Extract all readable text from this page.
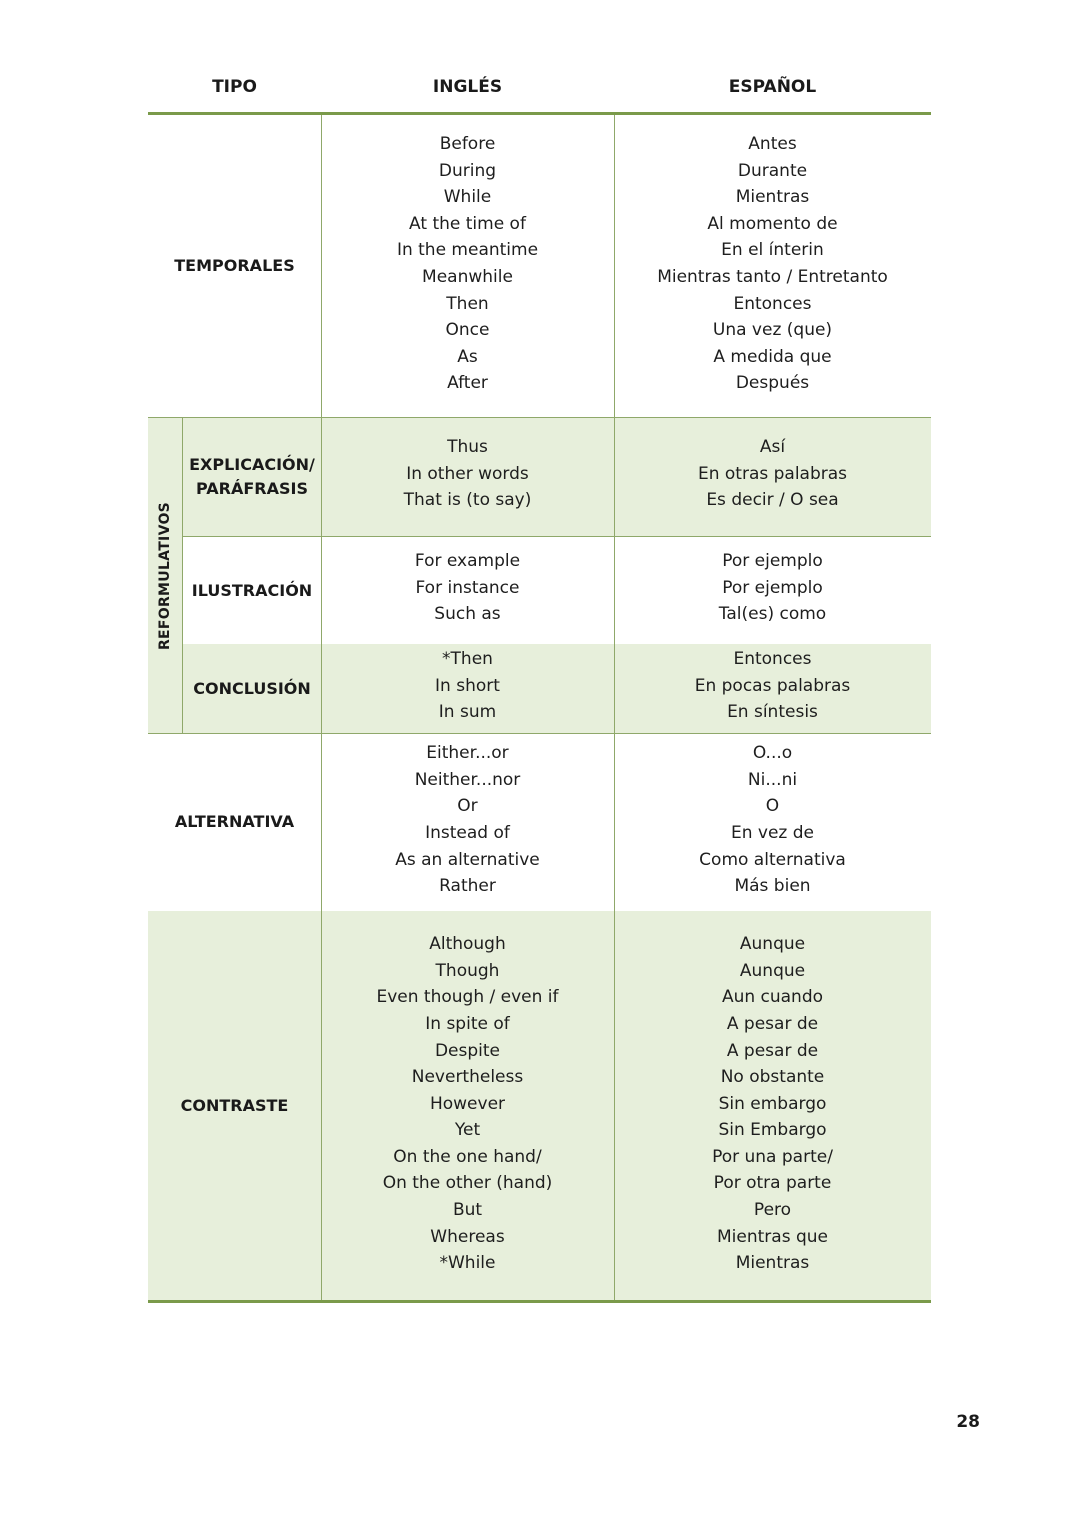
TIPO	INGLÉS	ESPAÑOL
TEMPORALES
Before
During
While
At the time of
In the meantime
Meanwhile
Then
Once
As
After
Antes
Durante
Mientras
Al momento de
En el ínterin
Mientras tanto / Entretanto
Entonces
Una vez (que)
A medida que
Después
REFORMULATIVOS
EXPLICACIÓN/
PARÁFRASIS
Thus
In other words
That is (to say)
Así
En otras palabras
Es decir / O sea
ILUSTRACIÓN
For example
For instance
Such as
Por ejemplo
Por ejemplo
Tal(es) como
CONCLUSIÓN
*Then
In short
In sum
Entonces
En pocas palabras
En síntesis
ALTERNATIVA
Either...or
Neither...nor
Or
Instead of
As an alternative
Rather
O...o
Ni...ni
O
En vez de
Como alternativa
Más bien
CONTRASTE
Although
Though
Even though / even if
In spite of
Despite
Nevertheless
However
Yet
On the one hand/
On the other (hand)
But
Whereas
*While
Aunque
Aunque
Aun cuando
A pesar de
A pesar de
No obstante
Sin embargo
Sin Embargo
Por una parte/
Por otra parte
Pero
Mientras que
Mientras
28
